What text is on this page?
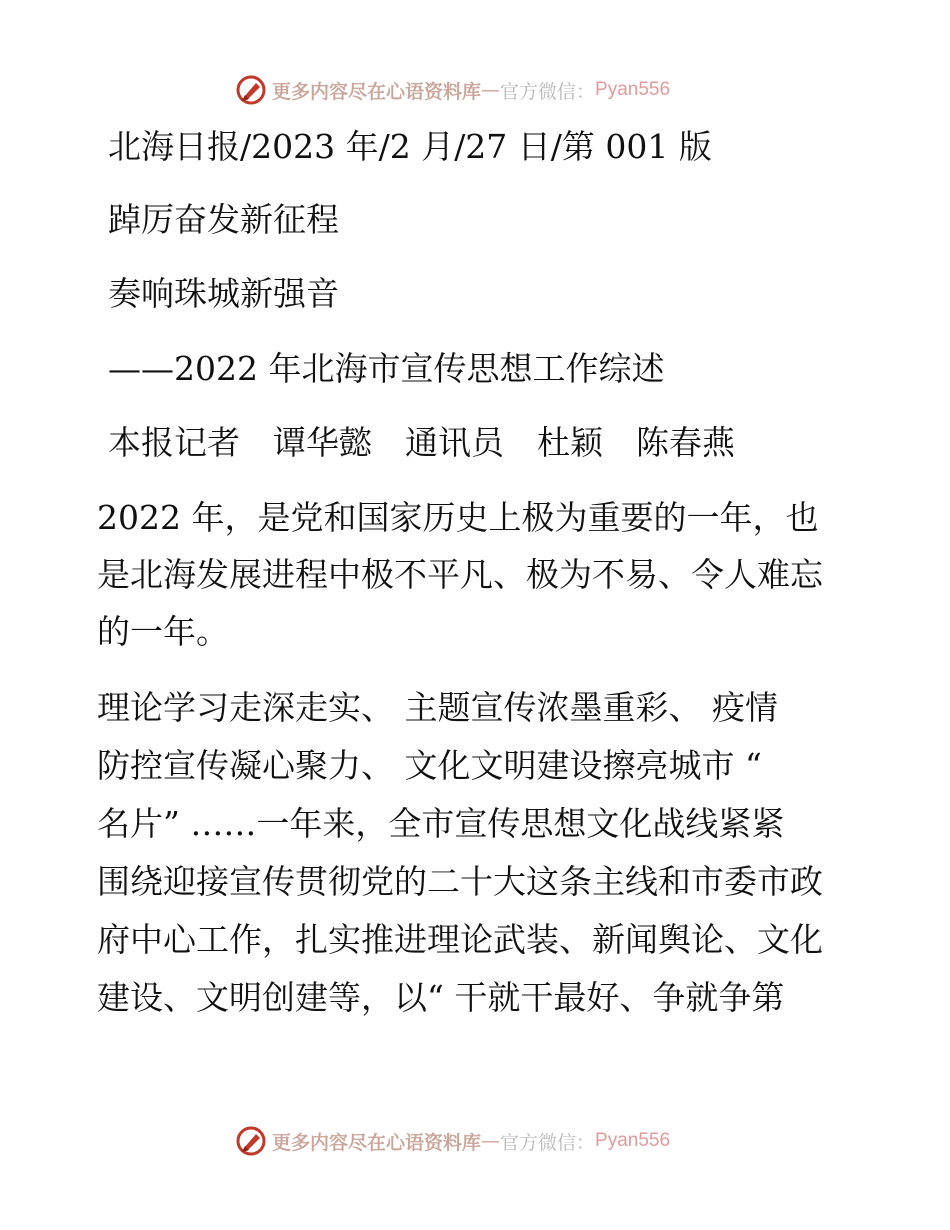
更多内容尽在心语资料库 — 官方微信： Pyan556
北海日报/2023 年/2 月/27 日/第 001 版
踔厉奋发新征程
奏响珠城新强音
——2022 年北海市宣传思想工作综述
本报记者　谭华懿　通讯员　杜颖　陈春燕
2022 年，是党和国家历史上极为重要的一年，也
是北海发展进程中极不平凡、极为不易、令人难忘
的一年。
理论学习走深走实、 主题宣传浓墨重彩、 疫情
防控宣传凝心聚力、 文化文明建设擦亮城市 “
名片” ……一年来，全市宣传思想文化战线紧紧
围绕迎接宣传贯彻党的二十大这条主线和市委市政
府中心工作，扎实推进理论武装、新闻舆论、文化
建设、文明创建等，以“ 干就干最好、争就争第
更多内容尽在心语资料库 — 官方微信： Pyan556
